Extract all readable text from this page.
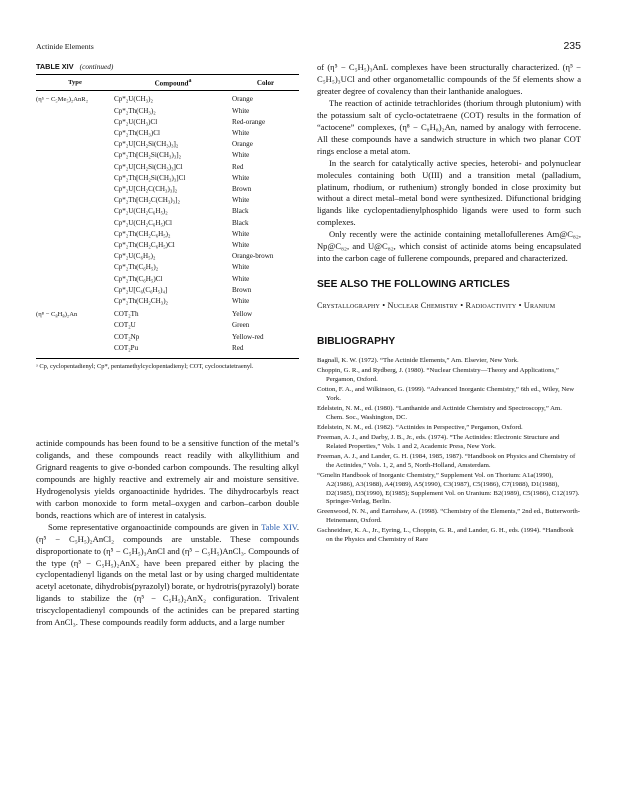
Actinide Elements	235
TABLE XIV (continued)
Type	Compound$^a$	Color
(η⁵ − C₅Me₅)₂AnR₂	Cp*₂U(CH₃)₂	Orange
	Cp*₂Th(CH₃)₂	White
	Cp*₂U(CH₃)Cl	Red-orange
	Cp*₂Th(CH₃)Cl	White
	Cp*₂U[CH₂Si(CH₃)₃]₂	Orange
	Cp*₂Th[CH₂Si(CH₃)₃]₂	White
	Cp*₂U[CH₂Si(CH₃)₃]Cl	Red
	Cp*₂Th[CH₂Si(CH₃)₃]Cl	White
	Cp*₂U[CH₂C(CH₃)₃]₂	Brown
	Cp*₂Th[CH₂C(CH₃)₃]₂	White
	Cp*₂U(CH₂C₆H₅)₂	Black
	Cp*₂U(CH₂C₆H₅)Cl	Black
	Cp*₂Th(CH₂C₆H₅)₂	White
	Cp*₂Th(CH₂C₆H₅)Cl	White
	Cp*₂U(C₆H₅)₂	Orange-brown
	Cp*₂Th(C₆H₅)₂	White
	Cp*₂Th(C₆H₅)Cl	White
	Cp*₂U[C₆(C₆H₅)₄]	Brown
	Cp*₂Th(CH₂CH₃)₂	White
(η⁸ − C₈H₈)₂An	COT₂Th	Yellow
	COT₂U	Green
	COT₂Np	Yellow-red
	COT₂Pu	Red

ᵃ Cp, cyclopentadienyl; Cp*, pentamethylcyclopentadienyl; COT, cyclooctatetraenyl.

actinide compounds has been found to be a sensitive function of the metal’s coligands, and these compounds react readily with alkyllithium and Grignard reagents to give σ-bonded carbon compounds. The resulting alkyl compounds are highly reactive and extremely air and moisture sensitive. Hydrogenolysis yields organoactinide hydrides. The dihydrocarbyls react with carbon monoxide to form metal–oxygen and carbon–carbon double bonds, reactions which are of interest in catalysis.

Some representative organoactinide compounds are given in Table XIV. (η⁵ − C₅H₅)₂AnCl₂ compounds are unstable. These compounds disproportionate to (η⁵ − C₅H₅)₃AnCl and (η⁵ − C₅H₅)AnCl₃. Compounds of the type (η⁵ − C₅H₅)₂AnX₂ have been prepared either by placing the cyclopentadienyl ligands on the metal last or by using charged multidentate acetyl acetonate, dihydrobis(pyrazolyl) borate, or hydrotris(pyrazolyl) borate ligands to stabilize the (η⁵ − C₅H₅)₂AnX₂ configuration. Trivalent triscyclopentadienyl compounds of the actinides can be prepared starting from AnCl₃. These compounds readily form adducts, and a large number

of (η⁵ − C₅H₅)₃AnL complexes have been structurally characterized. (η⁵ − C₅H₅)₃UCl and other organometallic compounds of the 5f elements show a greater degree of covalency than their lanthanide analogues.

The reaction of actinide tetrachlorides (thorium through plutonium) with the potassium salt of cyclo-octatetraene (COT) results in the formation of “actocene” complexes, (η⁸ − C₈H₈)₂An, named by analogy with ferrocene. All these compounds have a sandwich structure in which two planar COT rings enclose a metal atom.

In the search for catalytically active species, heterobi- and polynuclear molecules containing both U(III) and a transition metal (palladium, platinum, rhodium, or ruthenium) strongly bonded in close proximity but without a direct metal–metal bond were synthesized. Difunctional bridging ligands like cyclopentadienylphosphido ligands were used to form such complexes.

Only recently were the actinide containing metallofullerenes Am@C₈₂, Np@C₈₂, and U@C₈₂, which consist of actinide atoms being encapsulated into the carbon cage of fullerene compounds, prepared and characterized.

SEE ALSO THE FOLLOWING ARTICLES

Crystallography • Nuclear Chemistry • Radioactivity • Uranium

BIBLIOGRAPHY

Bagnall, K. W. (1972). “The Actinide Elements,” Am. Elsevier, New York.

Choppin, G. R., and Rydberg, J. (1980). “Nuclear Chemistry—Theory and Applications,” Pergamon, Oxford.

Cotton, F. A., and Wilkinson, G. (1999). “Advanced Inorganic Chemistry,” 6th ed., Wiley, New York.

Edelstein, N. M., ed. (1980). “Lanthanide and Actinide Chemistry and Spectroscopy,” Am. Chem. Soc., Washington, DC.

Edelstein, N. M., ed. (1982). “Actinides in Perspective,” Pergamon, Oxford.

Freeman, A. J., and Darby, J. B., Jr., eds. (1974). “The Actinides: Electronic Structure and Related Properties,” Vols. 1 and 2, Academic Press, New York.

Freeman, A. J., and Lander, G. H. (1984, 1985, 1987). “Handbook on Physics and Chemistry of the Actinides,” Vols. 1, 2, and 5, North-Holland, Amsterdam.

“Gmelin Handbook of Inorganic Chemistry,” Supplement Vol. on Thorium: A1a(1990), A2(1986), A3(1988), A4(1989), A5(1990), C3(1987), C5(1986), C7(1988), D1(1988), D2(1985), D3(1990), E(1985); Supplement Vol. on Uranium: B2(1989), C5(1986), C12(197). Springer-Verlag, Berlin.

Greenwood, N. N., and Earnshaw, A. (1998). “Chemistry of the Elements,” 2nd ed., Butterworth-Heinemann, Oxford.

Gschneidner, K. A., Jr., Eyring, L., Choppin, G. R., and Lander, G. H., eds. (1994). “Handbook on the Physics and Chemistry of Rare
